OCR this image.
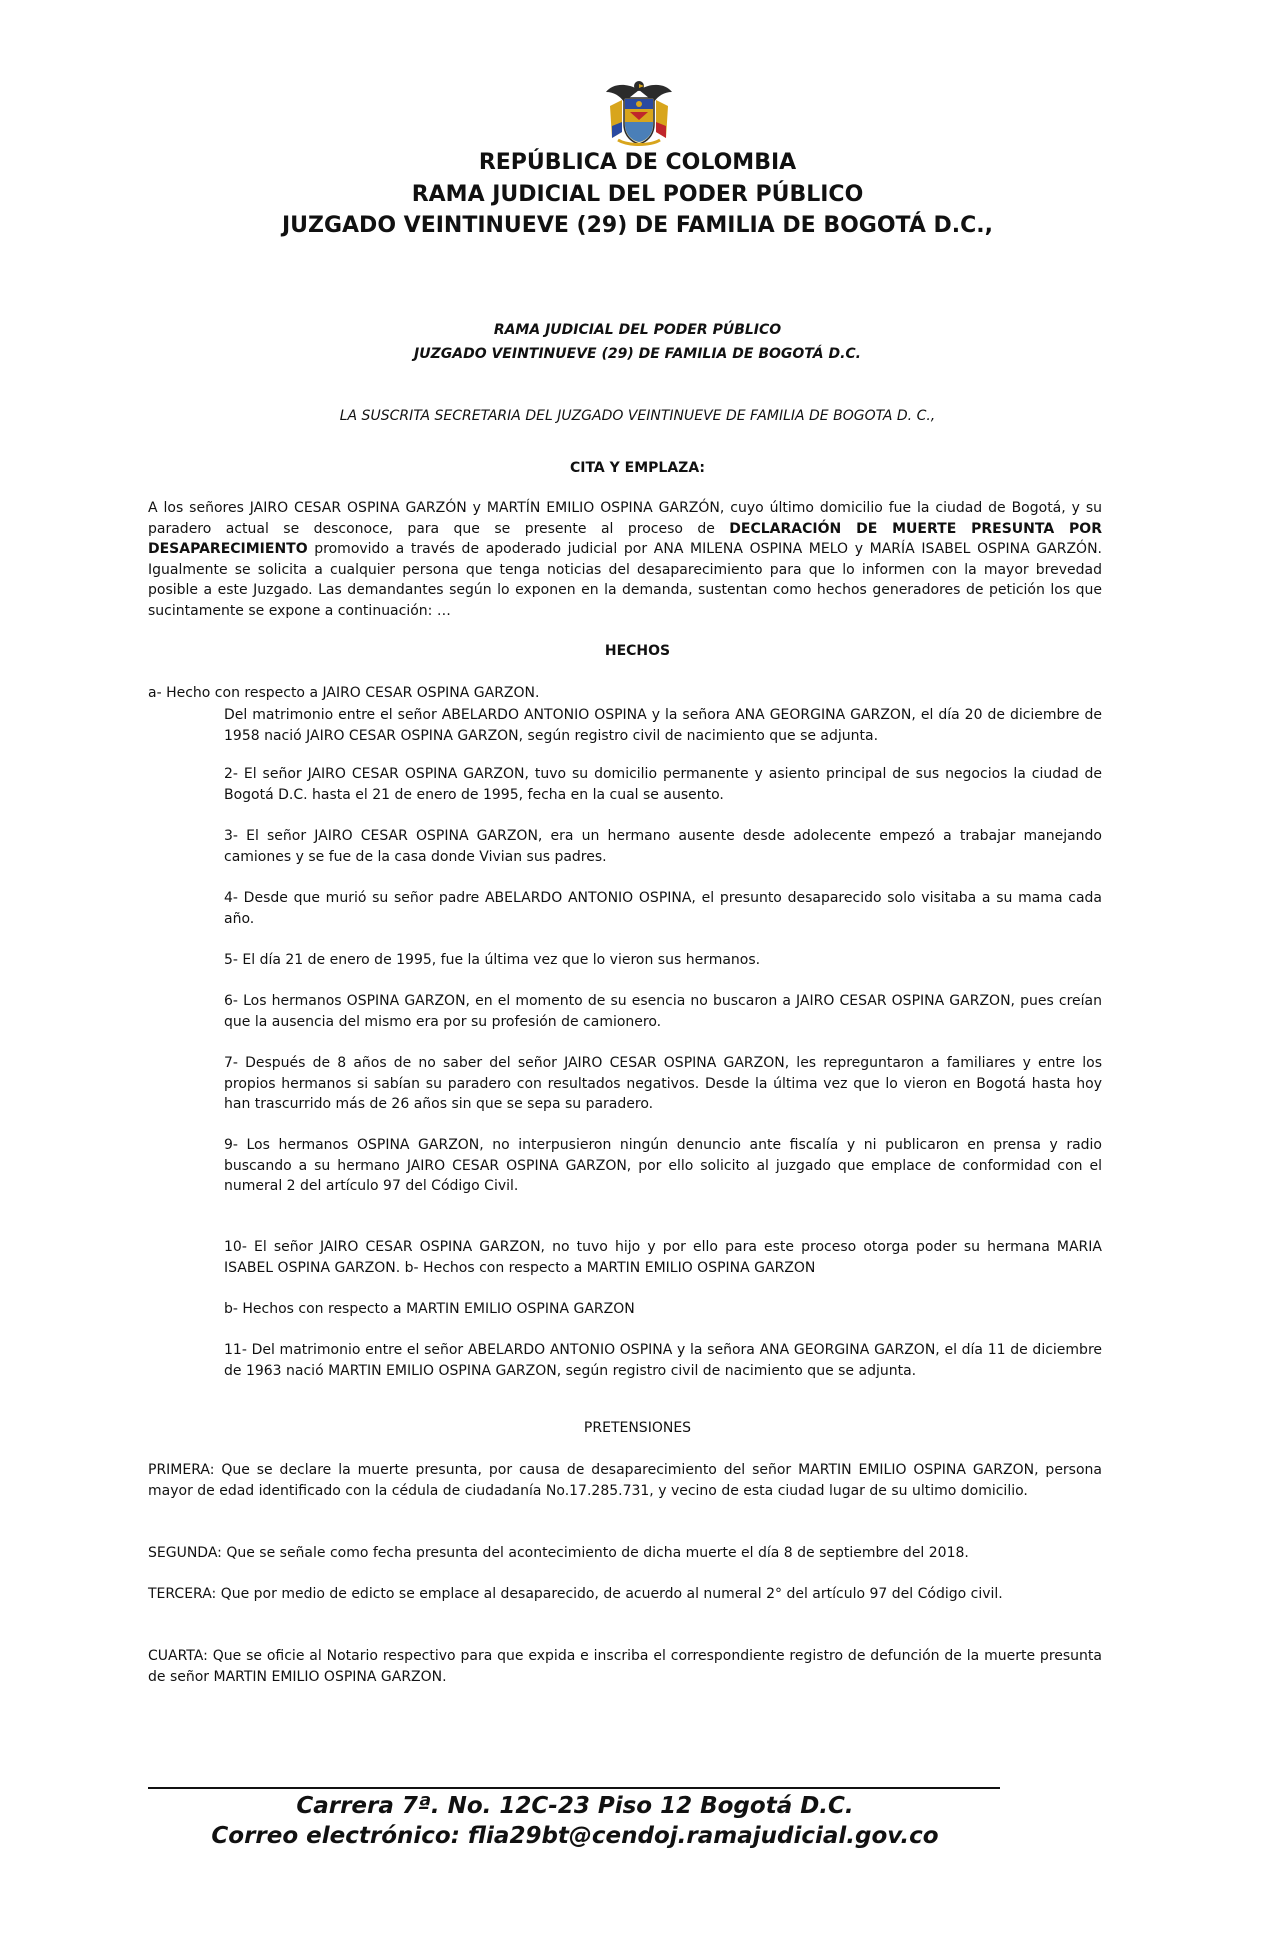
REPÚBLICA DE COLOMBIA
RAMA JUDICIAL DEL PODER PÚBLICO
JUZGADO VEINTINUEVE (29) DE FAMILIA DE BOGOTÁ D.C.,
RAMA JUDICIAL DEL PODER PÚBLICO
JUZGADO VEINTINUEVE (29) DE FAMILIA DE BOGOTÁ D.C.
LA SUSCRITA SECRETARIA DEL JUZGADO VEINTINUEVE DE FAMILIA DE BOGOTA D. C.,
CITA Y EMPLAZA:
A los señores JAIRO CESAR OSPINA GARZÓN y MARTÍN EMILIO OSPINA GARZÓN, cuyo último domicilio fue la ciudad de Bogotá, y su paradero actual se desconoce, para que se presente al proceso de DECLARACIÓN DE MUERTE PRESUNTA POR DESAPARECIMIENTO promovido a través de apoderado judicial por ANA MILENA OSPINA MELO y MARÍA ISABEL OSPINA GARZÓN. Igualmente se solicita a cualquier persona que tenga noticias del desaparecimiento para que lo informen con la mayor brevedad posible a este Juzgado. Las demandantes según lo exponen en la demanda, sustentan como hechos generadores de petición los que sucintamente se expone a continuación: …
HECHOS
a- Hecho con respecto a JAIRO CESAR OSPINA GARZON.
Del matrimonio entre el señor ABELARDO ANTONIO OSPINA y la señora ANA GEORGINA GARZON, el día 20 de diciembre de 1958 nació JAIRO CESAR OSPINA GARZON, según registro civil de nacimiento que se adjunta.
2- El señor JAIRO CESAR OSPINA GARZON, tuvo su domicilio permanente y asiento principal de sus negocios la ciudad de Bogotá D.C. hasta el 21 de enero de 1995, fecha en la cual se ausento.
3- El señor JAIRO CESAR OSPINA GARZON, era un hermano ausente desde adolecente empezó a trabajar manejando camiones y se fue de la casa donde Vivian sus padres.
4- Desde que murió su señor padre ABELARDO ANTONIO OSPINA, el presunto desaparecido solo visitaba a su mama cada año.
5- El día 21 de enero de 1995, fue la última vez que lo vieron sus hermanos.
6- Los hermanos OSPINA GARZON, en el momento de su esencia no buscaron a JAIRO CESAR OSPINA GARZON, pues creían que la ausencia del mismo era por su profesión de camionero.
7- Después de 8 años de no saber del señor JAIRO CESAR OSPINA GARZON, les repreguntaron a familiares y entre los propios hermanos si sabían su paradero con resultados negativos. Desde la última vez que lo vieron en Bogotá hasta hoy han trascurrido más de 26 años sin que se sepa su paradero.
9- Los hermanos OSPINA GARZON, no interpusieron ningún denuncio ante fiscalía y ni publicaron en prensa y radio buscando a su hermano JAIRO CESAR OSPINA GARZON, por ello solicito al juzgado que emplace de conformidad con el numeral 2 del artículo 97 del Código Civil.
10- El señor JAIRO CESAR OSPINA GARZON, no tuvo hijo y por ello para este proceso otorga poder su hermana MARIA ISABEL OSPINA GARZON. b- Hechos con respecto a MARTIN EMILIO OSPINA GARZON
b- Hechos con respecto a MARTIN EMILIO OSPINA GARZON
11- Del matrimonio entre el señor ABELARDO ANTONIO OSPINA y la señora ANA GEORGINA GARZON, el día 11 de diciembre de 1963 nació MARTIN EMILIO OSPINA GARZON, según registro civil de nacimiento que se adjunta.
PRETENSIONES
PRIMERA: Que se declare la muerte presunta, por causa de desaparecimiento del señor MARTIN EMILIO OSPINA GARZON, persona mayor de edad identificado con la cédula de ciudadanía No.17.285.731, y vecino de esta ciudad lugar de su ultimo domicilio.
SEGUNDA: Que se señale como fecha presunta del acontecimiento de dicha muerte el día 8 de septiembre del 2018.
TERCERA: Que por medio de edicto se emplace al desaparecido, de acuerdo al numeral 2° del artículo 97 del Código civil.
CUARTA: Que se oficie al Notario respectivo para que expida e inscriba el correspondiente registro de defunción de la muerte presunta de señor MARTIN EMILIO OSPINA GARZON.
Carrera 7ª. No. 12C-23 Piso 12 Bogotá D.C.
Correo electrónico: flia29bt@cendoj.ramajudicial.gov.co
